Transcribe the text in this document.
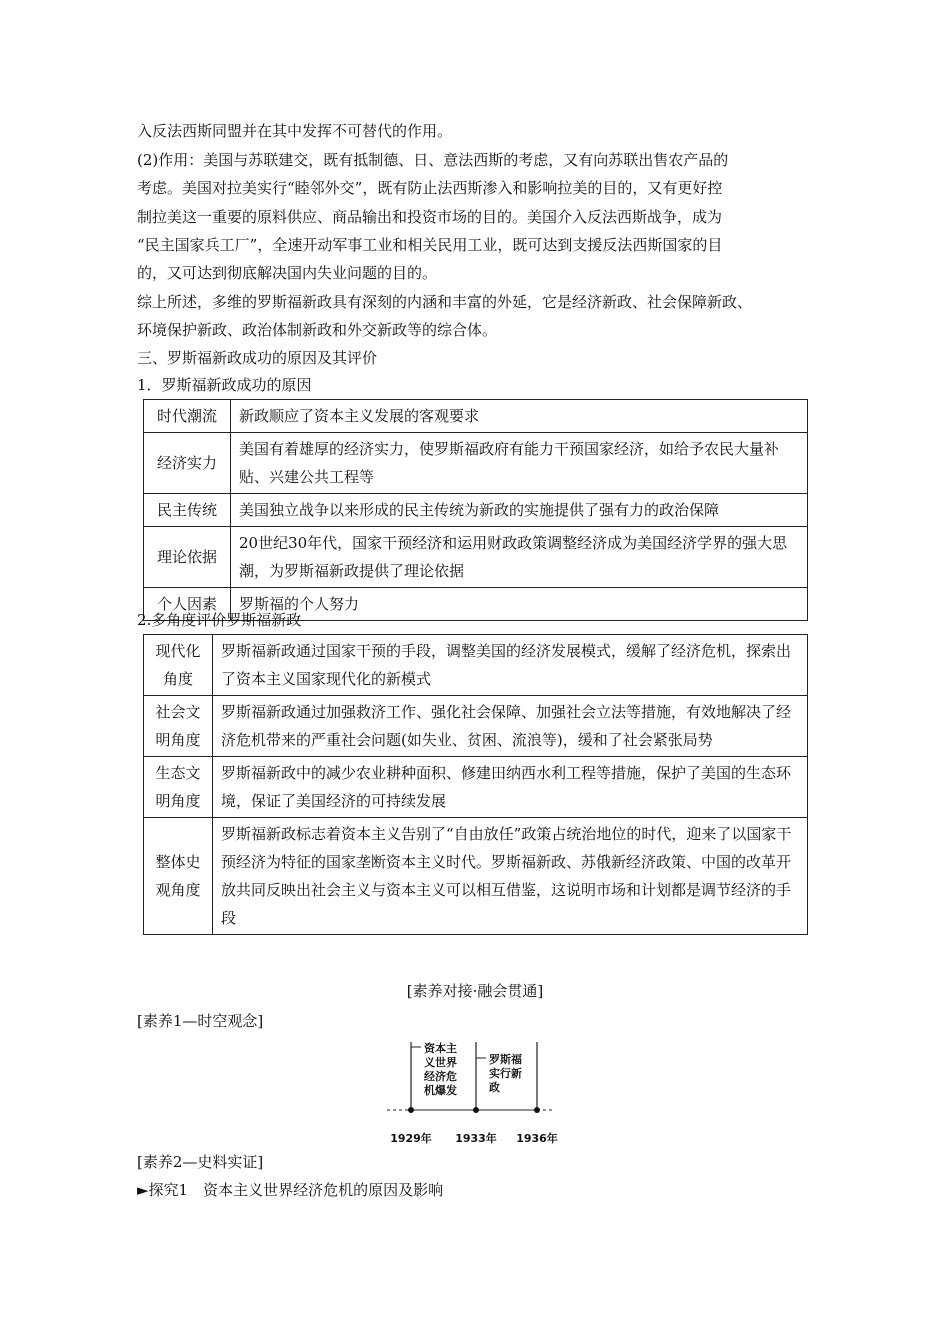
入反法西斯同盟并在其中发挥不可替代的作用。
(2)作用：美国与苏联建交，既有抵制德、日、意法西斯的考虑，又有向苏联出售农产品的
考虑。美国对拉美实行“睦邻外交”，既有防止法西斯渗入和影响拉美的目的，又有更好控
制拉美这一重要的原料供应、商品输出和投资市场的目的。美国介入反法西斯战争，成为
“民主国家兵工厂”，全速开动军事工业和相关民用工业，既可达到支援反法西斯国家的目
的，又可达到彻底解决国内失业问题的目的。
综上所述，多维的罗斯福新政具有深刻的内涵和丰富的外延，它是经济新政、社会保障新政、
环境保护新政、政治体制新政和外交新政等的综合体。
三、罗斯福新政成功的原因及其评价
1．罗斯福新政成功的原因
时代潮流	新政顺应了资本主义发展的客观要求
经济实力	美国有着雄厚的经济实力，使罗斯福政府有能力干预国家经济，如给予农民大量补贴、兴建公共工程等
民主传统	美国独立战争以来形成的民主传统为新政的实施提供了强有力的政治保障
理论依据	20世纪30年代，国家干预经济和运用财政政策调整经济成为美国经济学界的强大思潮，为罗斯福新政提供了理论依据
个人因素	罗斯福的个人努力
2.多角度评价罗斯福新政
现代化角度	罗斯福新政通过国家干预的手段，调整美国的经济发展模式，缓解了经济危机，探索出了资本主义国家现代化的新模式
社会文明角度	罗斯福新政通过加强救济工作、强化社会保障、加强社会立法等措施，有效地解决了经济危机带来的严重社会问题(如失业、贫困、流浪等)，缓和了社会紧张局势
生态文明角度	罗斯福新政中的减少农业耕种面积、修建田纳西水利工程等措施，保护了美国的生态环境，保证了美国经济的可持续发展
整体史观角度	罗斯福新政标志着资本主义告别了“自由放任”政策占统治地位的时代，迎来了以国家干预经济为特征的国家垄断资本主义时代。罗斯福新政、苏俄新经济政策、中国的改革开放共同反映出社会主义与资本主义可以相互借鉴，这说明市场和计划都是调节经济的手段
[素养对接·融会贯通]
[素养1—时空观念]
资本主
义世界
经济危
机爆发
罗斯福
实行新
政
1929年 1933年 1936年
[素养2—史料实证]
►探究1　资本主义世界经济危机的原因及影响
